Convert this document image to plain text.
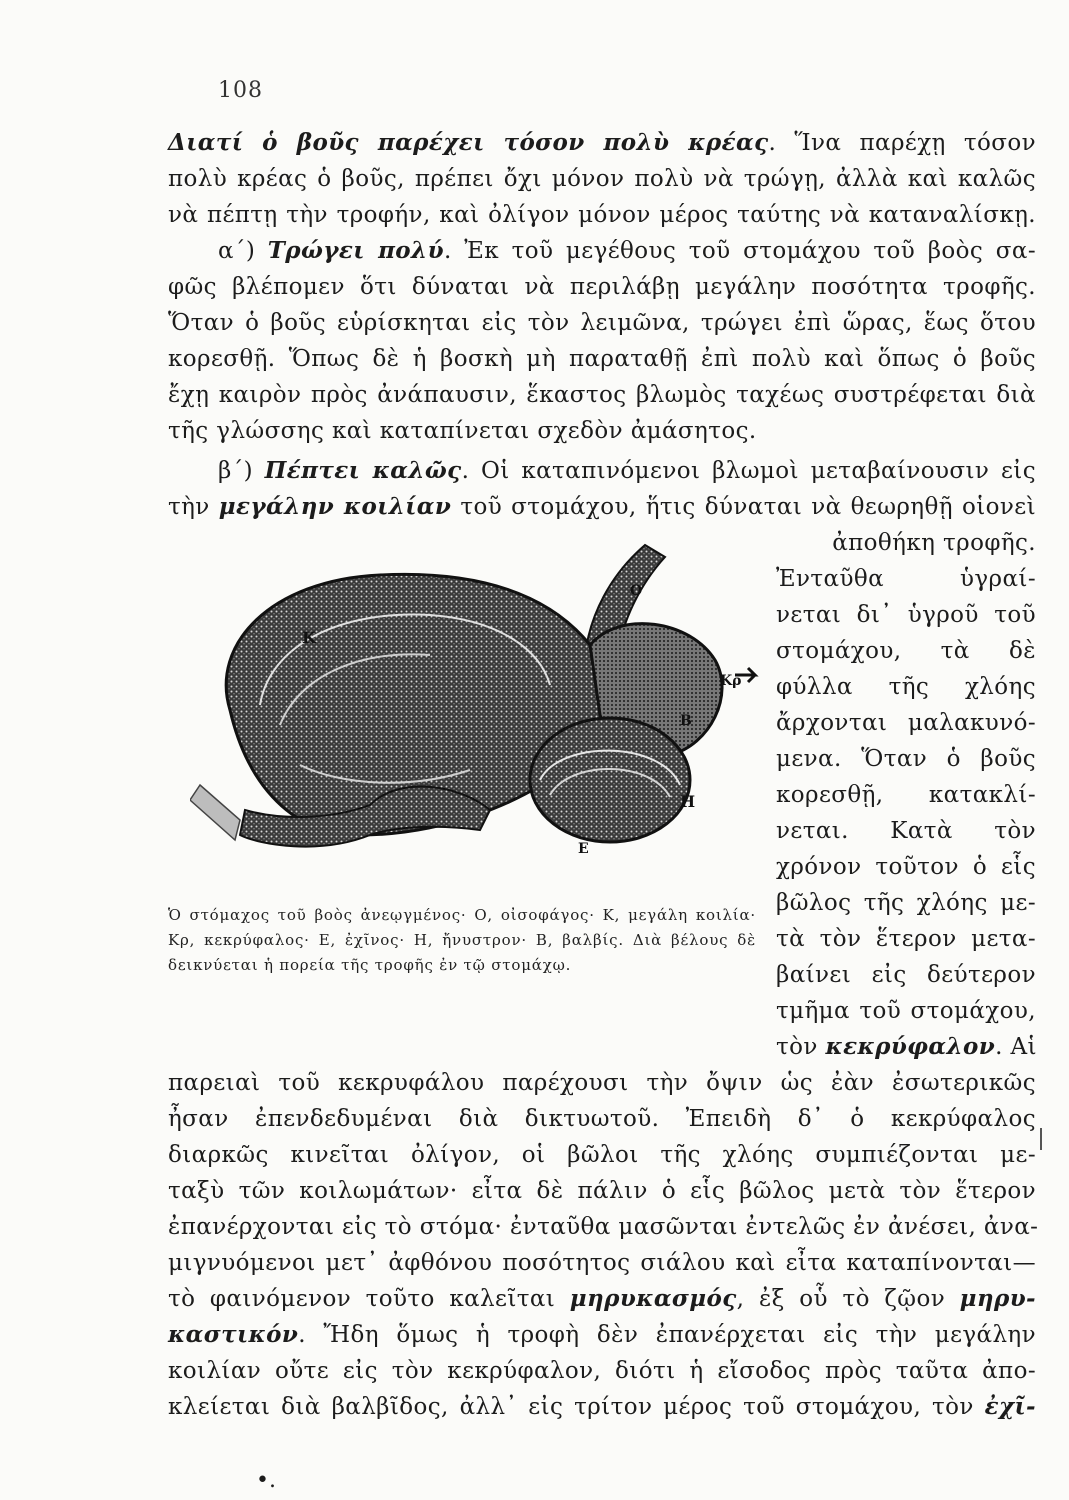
108
Διατί ὁ βοῦς παρέχει τόσον πολὺ κρέας. Ἵνα παρέχῃ τόσον
πολὺ κρέας ὁ βοῦς, πρέπει ὄχι μόνον πολὺ νὰ τρώγῃ, ἀλλὰ καὶ καλῶς
νὰ πέπτῃ τὴν τροφήν, καὶ ὀλίγον μόνον μέρος ταύτης νὰ καταναλίσκῃ.
α´) Τρώγει πολύ. Ἐκ τοῦ μεγέθους τοῦ στομάχου τοῦ βοὸς σα-
φῶς βλέπομεν ὅτι δύναται νὰ περιλάβῃ μεγάλην ποσότητα τροφῆς.
Ὅταν ὁ βοῦς εὑρίσκηται εἰς τὸν λειμῶνα, τρώγει ἐπὶ ὥρας, ἕως ὅτου
κορεσθῇ. Ὅπως δὲ ἡ βοσκὴ μὴ παραταθῇ ἐπὶ πολὺ καὶ ὅπως ὁ βοῦς
ἔχῃ καιρὸν πρὸς ἀνάπαυσιν, ἕκαστος βλωμὸς ταχέως συστρέφεται διὰ
τῆς γλώσσης καὶ καταπίνεται σχεδὸν ἀμάσητος.
β´) Πέπτει καλῶς. Οἱ καταπινόμενοι βλωμοὶ μεταβαίνουσιν εἰς
τὴν μεγάλην κοιλίαν τοῦ στομάχου, ἥτις δύναται νὰ θεωρηθῇ οἱονεὶ
ἀποθήκη τροφῆς.
Ἐνταῦθα ὑγραί-
νεται δι᾽ ὑγροῦ τοῦ
στομάχου, τὰ δὲ
φύλλα τῆς χλόης
ἄρχονται μαλακυνό-
μενα. Ὅταν ὁ βοῦς
κορεσθῇ, κατακλί-
νεται. Κατὰ τὸν
χρόνον τοῦτον ὁ εἷς
βῶλος τῆς χλόης με-
τὰ τὸν ἕτερον μετα-
βαίνει εἰς δεύτερον
τμῆμα τοῦ στομάχου,
τὸν κεκρύφαλον. Αἱ
Κ
Ο
Ε
Η
Β
Κρ
Ὁ στόμαχος τοῦ βοὸς ἀνεῳγμένος· Ο, οἰσοφάγος· Κ, μεγάλη κοιλία· Κρ, κεκρύφαλος· Ε, ἐχῖνος· Η, ἤνυστρον· Β, βαλβίς. Διὰ βέλους δὲ δεικνύεται ἡ πορεία τῆς τροφῆς ἐν τῷ στομάχῳ.
παρειαὶ τοῦ κεκρυφάλου παρέχουσι τὴν ὄψιν ὡς ἐὰν ἐσωτερικῶς
ἦσαν ἐπενδεδυμέναι διὰ δικτυωτοῦ. Ἐπειδὴ δ᾽ ὁ κεκρύφαλος
διαρκῶς κινεῖται ὀλίγον, οἱ βῶλοι τῆς χλόης συμπιέζονται με-
ταξὺ τῶν κοιλωμάτων· εἶτα δὲ πάλιν ὁ εἷς βῶλος μετὰ τὸν ἕτερον
ἐπανέρχονται εἰς τὸ στόμα· ἐνταῦθα μασῶνται ἐντελῶς ἐν ἀνέσει, ἀνα-
μιγνυόμενοι μετ᾽ ἀφθόνου ποσότητος σιάλου καὶ εἶτα καταπίνονται—
τὸ φαινόμενον τοῦτο καλεῖται μηρυκασμός, ἐξ οὗ τὸ ζῷον μηρυ-
καστικόν. Ἤδη ὅμως ἡ τροφὴ δὲν ἐπανέρχεται εἰς τὴν μεγάλην
κοιλίαν οὔτε εἰς τὸν κεκρύφαλον, διότι ἡ εἴσοδος πρὸς ταῦτα ἀπο-
κλείεται διὰ βαλβῖδος, ἀλλ᾽ εἰς τρίτον μέρος τοῦ στομάχου, τὸν ἐχῖ-
•.
